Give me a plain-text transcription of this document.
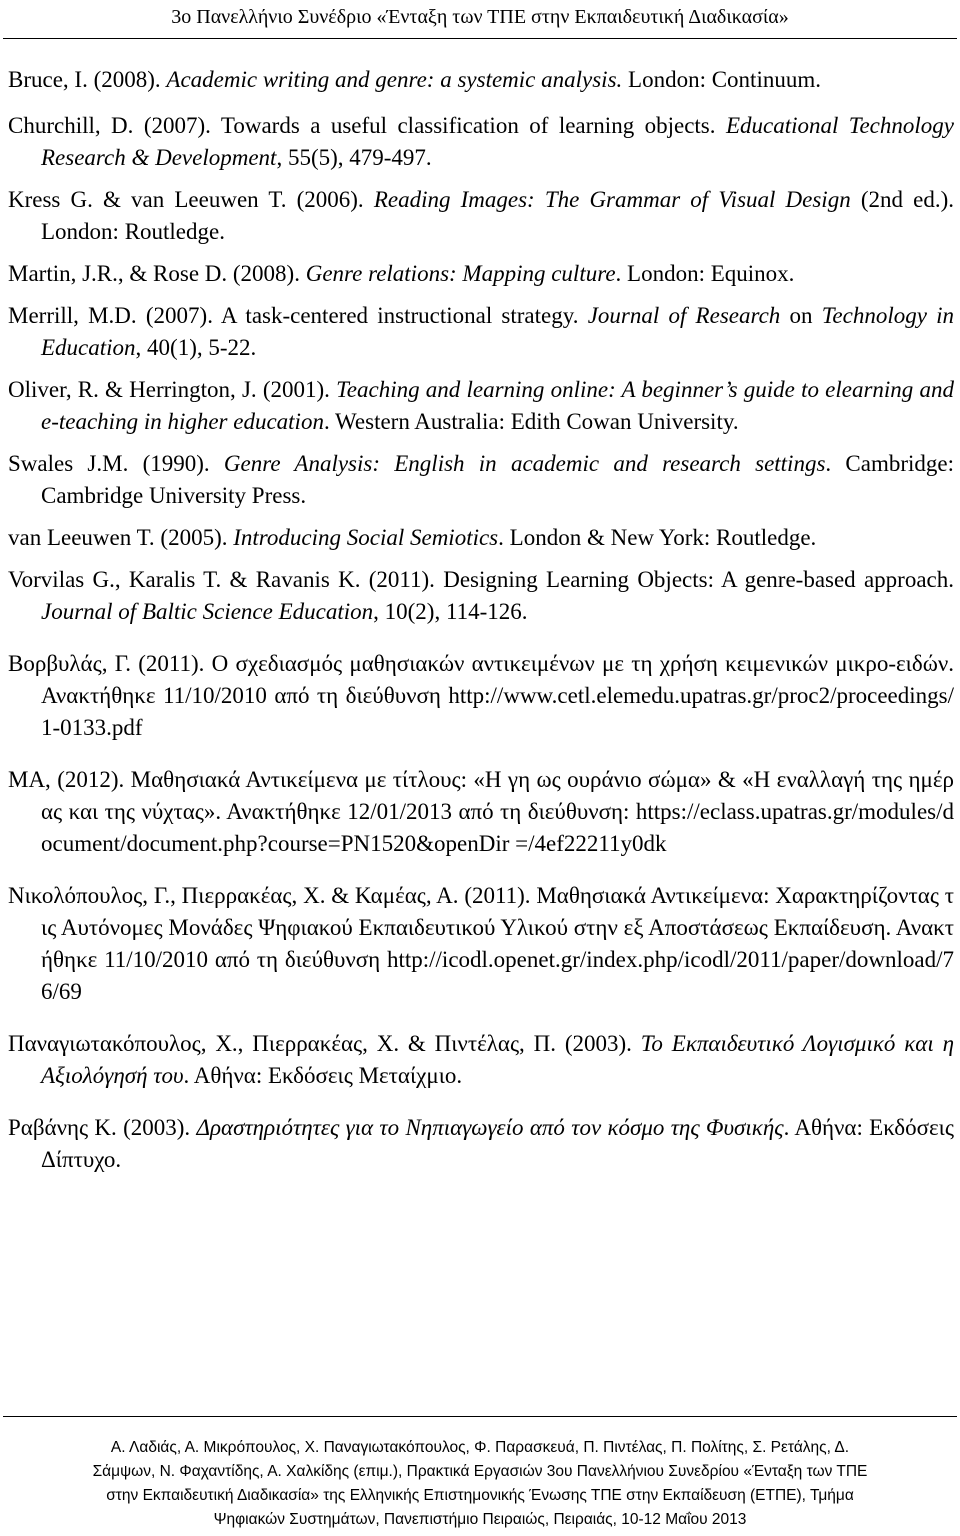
3ο Πανελλήνιο Συνέδριο «Ένταξη των ΤΠΕ στην Εκπαιδευτική Διαδικασία»

Bruce, I. (2008). Academic writing and genre: a systemic analysis. London: Continuum.

Churchill, D. (2007). Towards a useful classification of learning objects. Educational Technology Research & Development, 55(5), 479-497.

Kress G. & van Leeuwen T. (2006). Reading Images: The Grammar of Visual Design (2nd ed.). London: Routledge.

Martin, J.R., & Rose D. (2008). Genre relations: Mapping culture. London: Equinox.

Merrill, M.D. (2007). A task-centered instructional strategy. Journal of Research on Technology in Education, 40(1), 5-22.

Oliver, R. & Herrington, J. (2001). Teaching and learning online: A beginner’s guide to elearning and e-teaching in higher education. Western Australia: Edith Cowan University.

Swales J.M. (1990). Genre Analysis: English in academic and research settings. Cambridge: Cambridge University Press.

van Leeuwen T. (2005). Introducing Social Semiotics. London & New York: Routledge.

Vorvilas G., Karalis T. & Ravanis K. (2011). Designing Learning Objects: A genre-based approach. Journal of Baltic Science Education, 10(2), 114-126.

Βορβυλάς, Γ. (2011). Ο σχεδιασμός μαθησιακών αντικειμένων με τη χρήση κειμενικών μικρο-ειδών. Ανακτήθηκε 11/10/2010 από τη διεύθυνση http://www.cetl.elemedu.upatras.gr/proc2/proceedings/1-0133.pdf

ΜΑ, (2012). Μαθησιακά Αντικείμενα με τίτλους: «Η γη ως ουράνιο σώμα» & «Η εναλλαγή της ημέρας και της νύχτας». Ανακτήθηκε 12/01/2013 από τη διεύθυνση: https://eclass.upatras.gr/modules/document/document.php?course=PN1520&openDir =/4ef22211y0dk

Νικολόπουλος, Γ., Πιερρακέας, Χ. & Καμέας, Α. (2011). Μαθησιακά Αντικείμενα: Χαρακτηρίζοντας τις Αυτόνομες Μονάδες Ψηφιακού Εκπαιδευτικού Υλικού στην εξ Αποστάσεως Εκπαίδευση. Ανακτήθηκε 11/10/2010 από τη διεύθυνση http://icodl.openet.gr/index.php/icodl/2011/paper/download/76/69

Παναγιωτακόπουλος, Χ., Πιερρακέας, Χ. & Πιντέλας, Π. (2003). Το Εκπαιδευτικό Λογισμικό και η Αξιολόγησή του. Αθήνα: Εκδόσεις Μεταίχμιο.

Ραβάνης Κ. (2003). Δραστηριότητες για το Νηπιαγωγείο από τον κόσμο της Φυσικής. Αθήνα: Εκδόσεις Δίπτυχο.

Α. Λαδιάς, Α. Μικρόπουλος, Χ. Παναγιωτακόπουλος, Φ. Παρασκευά, Π. Πιντέλας, Π. Πολίτης, Σ. Ρετάλης, Δ.
Σάμψων, Ν. Φαχαντίδης, Α. Χαλκίδης (επιμ.), Πρακτικά Εργασιών 3ου Πανελλήνιου Συνεδρίου «Ένταξη των ΤΠΕ
στην Εκπαιδευτική Διαδικασία» της Ελληνικής Επιστημονικής Ένωσης ΤΠΕ στην Εκπαίδευση (ΕΤΠΕ), Τμήμα
Ψηφιακών Συστημάτων, Πανεπιστήμιο Πειραιώς, Πειραιάς, 10-12 Μαΐου 2013
